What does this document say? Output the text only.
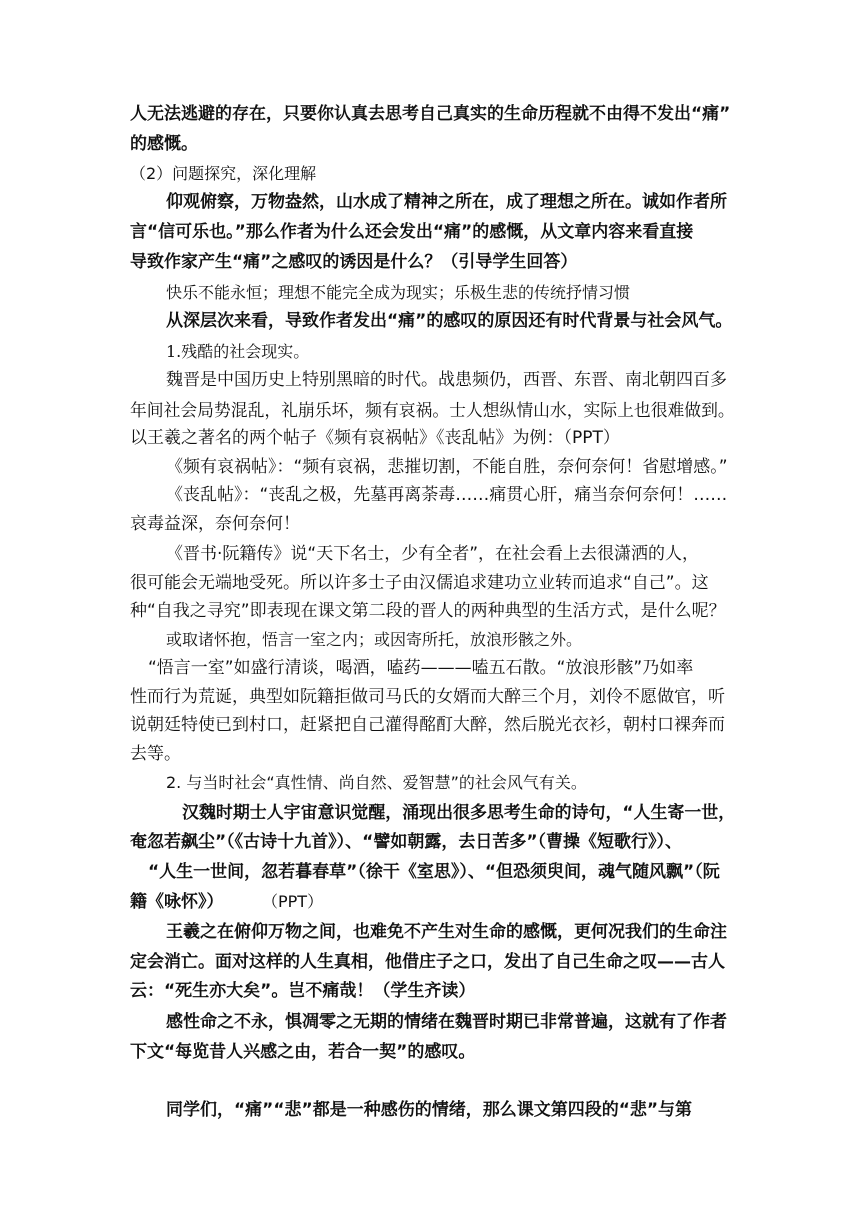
人无法逃避的存在，只要你认真去思考自己真实的生命历程就不由得不发出“痛”
的感慨。
（2）问题探究，深化理解
仰观俯察，万物盎然，山水成了精神之所在，成了理想之所在。诚如作者所
言“信可乐也。”那么作者为什么还会发出“痛”的感慨，从文章内容来看直接
导致作家产生“痛”之感叹的诱因是什么？（引导学生回答）
快乐不能永恒；理想不能完全成为现实；乐极生悲的传统抒情习惯
从深层次来看，导致作者发出“痛”的感叹的原因还有时代背景与社会风气。
1.残酷的社会现实。
魏晋是中国历史上特别黑暗的时代。战患频仍，西晋、东晋、南北朝四百多
年间社会局势混乱，礼崩乐坏，频有哀祸。士人想纵情山水，实际上也很难做到。
以王羲之著名的两个帖子《频有哀祸帖》《丧乱帖》为例：（PPT）
《频有哀祸帖》：“频有哀祸，悲摧切割，不能自胜，奈何奈何！省慰增感。”
《丧乱帖》：“丧乱之极，先墓再离荼毒……痛贯心肝，痛当奈何奈何！……
哀毒益深，奈何奈何！
《晋书·阮籍传》说“天下名士，少有全者”，在社会看上去很潇洒的人，
很可能会无端地受死。所以许多士子由汉儒追求建功立业转而追求“自己”。这
种“自我之寻究”即表现在课文第二段的晋人的两种典型的生活方式，是什么呢？
或取诸怀抱，悟言一室之内；或因寄所托，放浪形骸之外。
“悟言一室”如盛行清谈，喝酒，嗑药———嗑五石散。“放浪形骸”乃如率
性而行为荒诞，典型如阮籍拒做司马氏的女婿而大醉三个月，刘伶不愿做官，听
说朝廷特使已到村口，赶紧把自己灌得酩酊大醉，然后脱光衣衫，朝村口裸奔而
去等。
2. 与当时社会“真性情、尚自然、爱智慧”的社会风气有关。
汉魏时期士人宇宙意识觉醒，涌现出很多思考生命的诗句，“人生寄一世，
奄忽若飙尘”（《古诗十九首》）、“譬如朝露，去日苦多”（曹操《短歌行》）、
“人生一世间，忽若暮春草”（徐干《室思》）、“但恐须臾间，魂气随风飘”（阮
籍《咏怀》） （PPT）
王羲之在俯仰万物之间，也难免不产生对生命的感慨，更何况我们的生命注
定会消亡。面对这样的人生真相，他借庄子之口，发出了自己生命之叹——古人
云：“死生亦大矣”。岂不痛哉！（学生齐读）
感性命之不永，惧凋零之无期的情绪在魏晋时期已非常普遍，这就有了作者
下文“每览昔人兴感之由，若合一契”的感叹。
同学们，“痛”“悲”都是一种感伤的情绪，那么课文第四段的“悲”与第
